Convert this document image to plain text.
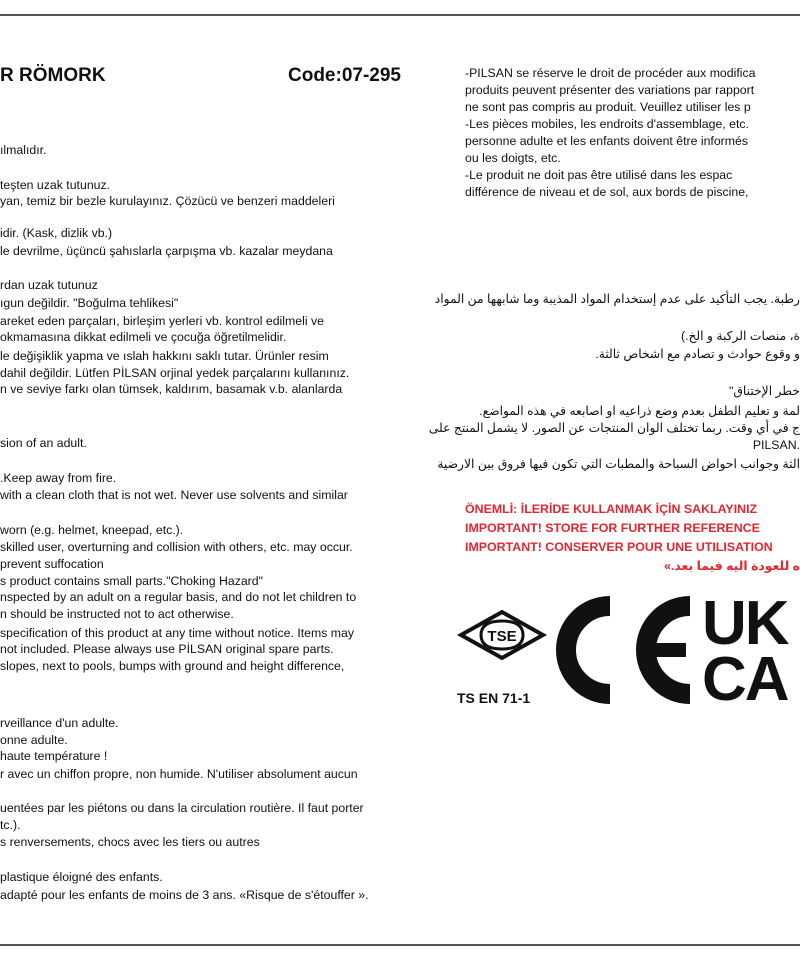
R RÖMORK	Code:07-295
ılmalıdır.
teşten uzak tutunuz.
yan, temiz bir bezle kurulayınız. Çözücü ve benzeri maddeleri
idir. (Kask, dizlik vb.)
le devrilme, üçüncü şahıslarla çarpışma vb. kazalar meydana
rdan uzak tutunuz
ıgun değildir. "Boğulma tehlikesi"
areket eden parçaları, birleşim yerleri vb. kontrol edilmeli ve
okmamasına dikkat edilmeli ve çocuğa öğretilmelidir.
le değişiklik yapma ve ıslah hakkını saklı tutar. Ürünler resim
dahil değildir. Lütfen PİLSAN orjinal yedek parçalarını kullanınız.
n ve seviye farkı olan tümsek, kaldırım, basamak v.b. alanlarda
sion of an adult.
.Keep away from fire.
with a clean cloth that is not wet. Never use solvents and similar
worn (e.g. helmet, kneepad, etc.).
skilled user, overturning and collision with others, etc. may occur.
prevent suffocation
s product contains small parts."Choking Hazard"
nspected by an adult on a regular basis, and do not let children to
n should be instructed not to act otherwise.
specification of this product at any time without notice. Items may
not included. Please always use PİLSAN original spare parts.
slopes, next to pools, bumps with ground and height difference,
rveillance d'un adulte.
onne adulte.
haute température !
r avec un chiffon propre, non humide. N'utiliser absolument aucun
uentées par les piétons ou dans la circulation routière. Il faut porter
tc.).
s renversements, chocs avec les tiers ou autres
plastique éloigné des enfants.
adapté pour les enfants de moins de 3 ans. «Risque de s'étouffer ».
-PILSAN se réserve le droit de procéder aux modifica
produits peuvent présenter des variations par rapport
ne sont pas compris au produit. Veuillez utiliser les p
-Les pièces mobiles, les endroits d'assemblage, etc.
personne adulte et les enfants doivent être informés
ou les doigts, etc.
-Le produit ne doit pas être utilisé dans les espac
différence de niveau et de sol, aux bords de piscine,
رطبة. يجب التأكيد على عدم إستخدام المواد المذيبة وما شابهها من المواد
ة، منصات الركبة و الخ.)
و وقوع حوادث و تصادم مع اشخاص ثالثة.
خطر الإختناق"
لمة و تعليم الطفل بعدم وضع ذراعيه او اصابعه في هذه المواضع.
ج في أي وقت. ربما تختلف الوان المنتجات عن الصور. لا يشمل المنتج على
.PILSAN
الثة وجوانب احواض السباحة والمطبات التي تكون فيها فروق بين الارضية
ÖNEMLİ: İLERİDE KULLANMAK İÇİN SAKLAYINIZ
IMPORTANT! STORE FOR FURTHER REFERENCE
IMPORTANT! CONSERVER POUR UNE UTILISATION
ه للعودة اليه فيما بعد.»
TSE
TS EN 71-1
UK
CA
